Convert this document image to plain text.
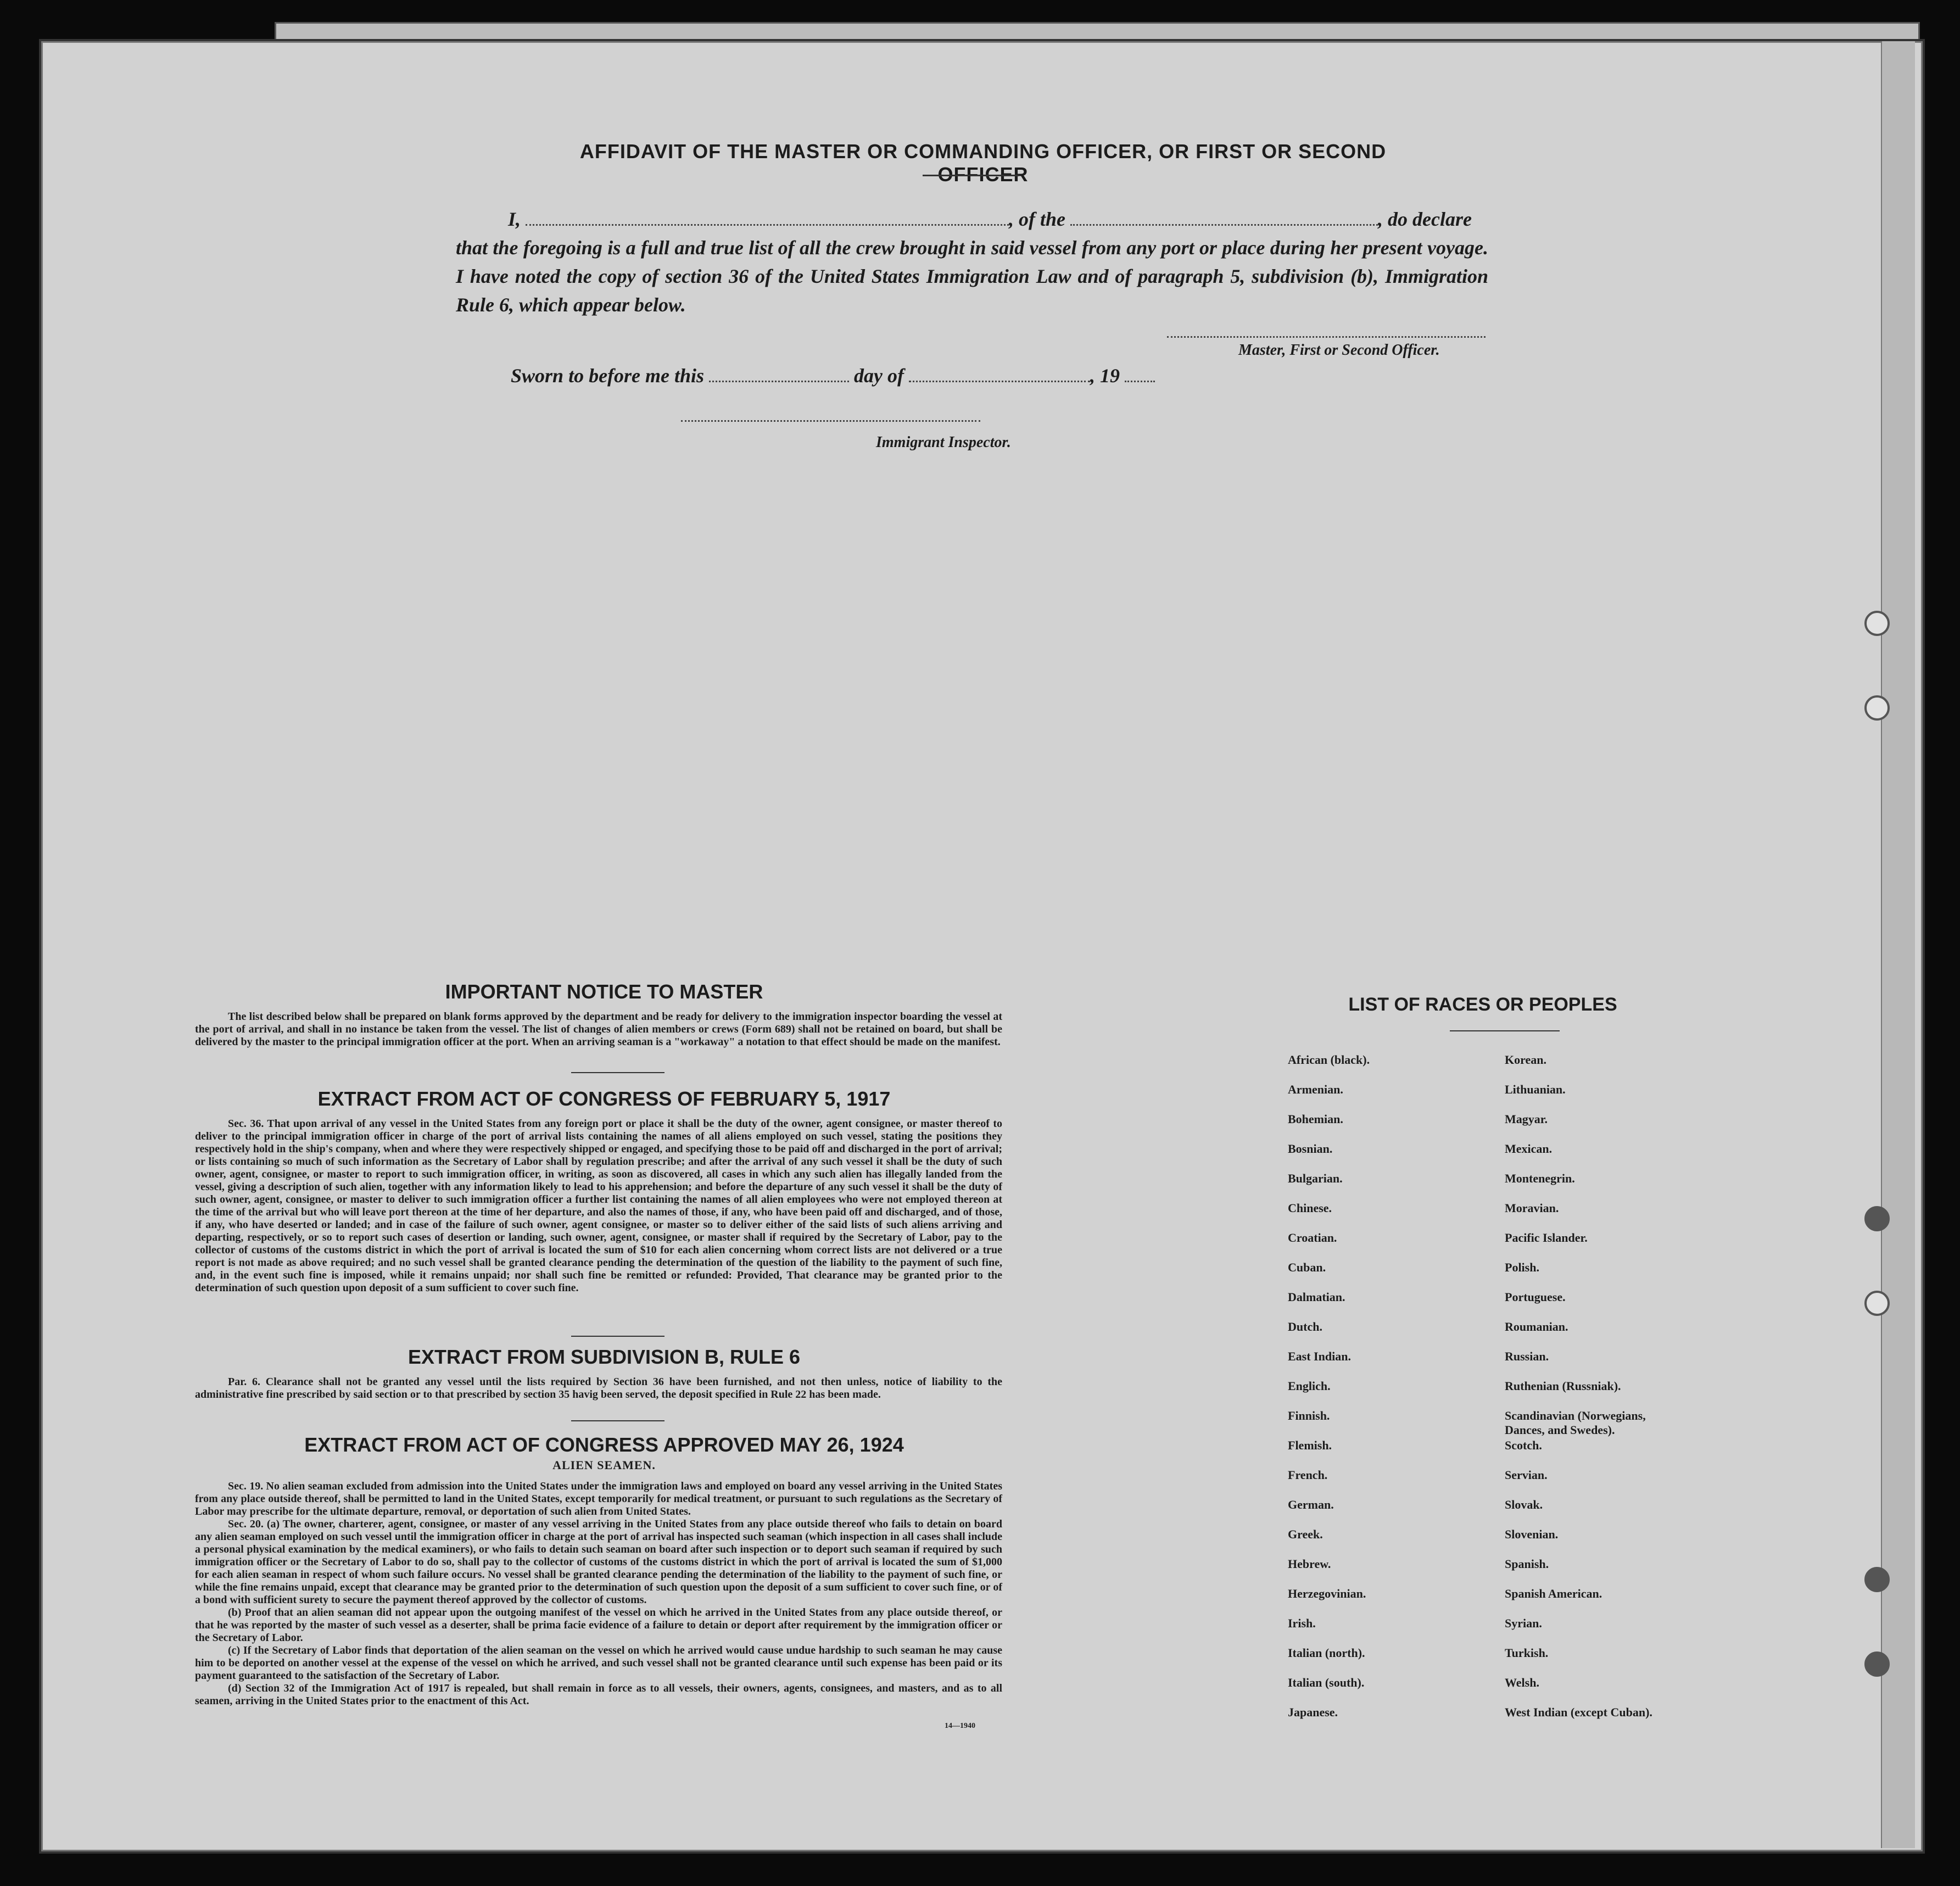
AFFIDAVIT OF THE MASTER OR COMMANDING OFFICER, OR FIRST OR SECOND OFFICER
I,	, of the	, do declare
that the foregoing is a full and true list of all the crew brought in said vessel from any port or place during her present voyage. I have noted the copy of section 36 of the United States Immigration Law and of paragraph 5, subdivision (b), Immigration Rule 6, which appear below.
Master, First or Second Officer.
Sworn to before me this	day of	, 19
Immigrant Inspector.
IMPORTANT NOTICE TO MASTER

The list described below shall be prepared on blank forms approved by the department and be ready for delivery to the immigration inspector boarding the vessel at the port of arrival, and shall in no instance be taken from the vessel. The list of changes of alien members or crews (Form 689) shall not be retained on board, but shall be delivered by the master to the principal immigration officer at the port. When an arriving seaman is a "workaway" a notation to that effect should be made on the manifest.

EXTRACT FROM ACT OF CONGRESS OF FEBRUARY 5, 1917

Sec. 36. That upon arrival of any vessel in the United States from any foreign port or place it shall be the duty of the owner, agent consignee, or master thereof to deliver to the principal immigration officer in charge of the port of arrival lists containing the names of all aliens employed on such vessel, stating the positions they respectively hold in the ship's company, when and where they were respectively shipped or engaged, and specifying those to be paid off and discharged in the port of arrival; or lists containing so much of such information as the Secretary of Labor shall by regulation prescribe; and after the arrival of any such vessel it shall be the duty of such owner, agent, consignee, or master to report to such immigration officer, in writing, as soon as discovered, all cases in which any such alien has illegally landed from the vessel, giving a description of such alien, together with any information likely to lead to his apprehension; and before the departure of any such vessel it shall be the duty of such owner, agent, consignee, or master to deliver to such immigration officer a further list containing the names of all alien employees who were not employed thereon at the time of the arrival but who will leave port thereon at the time of her departure, and also the names of those, if any, who have been paid off and discharged, and of those, if any, who have deserted or landed; and in case of the failure of such owner, agent consignee, or master so to deliver either of the said lists of such aliens arriving and departing, respectively, or so to report such cases of desertion or landing, such owner, agent, consignee, or master shall if required by the Secretary of Labor, pay to the collector of customs of the customs district in which the port of arrival is located the sum of $10 for each alien concerning whom correct lists are not delivered or a true report is not made as above required; and no such vessel shall be granted clearance pending the determination of the question of the liability to the payment of such fine, and, in the event such fine is imposed, while it remains unpaid; nor shall such fine be remitted or refunded: Provided, That clearance may be granted prior to the determination of such question upon deposit of a sum sufficient to cover such fine.

EXTRACT FROM SUBDIVISION B, RULE 6

Par. 6. Clearance shall not be granted any vessel until the lists required by Section 36 have been furnished, and not then unless, notice of liability to the administrative fine prescribed by said section or to that prescribed by section 35 havig been served, the deposit specified in Rule 22 has been made.

EXTRACT FROM ACT OF CONGRESS APPROVED MAY 26, 1924
ALIEN SEAMEN.

Sec. 19. No alien seaman excluded from admission into the United States under the immigration laws and employed on board any vessel arriving in the United States from any place outside thereof, shall be permitted to land in the United States, except temporarily for medical treatment, or pursuant to such regulations as the Secretary of Labor may prescribe for the ultimate departure, removal, or deportation of such alien from United States.

Sec. 20. (a) The owner, charterer, agent, consignee, or master of any vessel arriving in the United States from any place outside thereof who fails to detain on board any alien seaman employed on such vessel until the immigration officer in charge at the port of arrival has inspected such seaman (which inspection in all cases shall include a personal physical examination by the medical examiners), or who fails to detain such seaman on board after such inspection or to deport such seaman if required by such immigration officer or the Secretary of Labor to do so, shall pay to the collector of customs of the customs district in which the port of arrival is located the sum of $1,000 for each alien seaman in respect of whom such failure occurs. No vessel shall be granted clearance pending the determination of the liability to the payment of such fine, or while the fine remains unpaid, except that clearance may be granted prior to the determination of such question upon the deposit of a sum sufficient to cover such fine, or of a bond with sufficient surety to secure the payment thereof approved by the collector of customs.

(b) Proof that an alien seaman did not appear upon the outgoing manifest of the vessel on which he arrived in the United States from any place outside thereof, or that he was reported by the master of such vessel as a deserter, shall be prima facie evidence of a failure to detain or deport after requirement by the immigration officer or the Secretary of Labor.

(c) If the Secretary of Labor finds that deportation of the alien seaman on the vessel on which he arrived would cause undue hardship to such seaman he may cause him to be deported on another vessel at the expense of the vessel on which he arrived, and such vessel shall not be granted clearance until such expense has been paid or its payment guaranteed to the satisfaction of the Secretary of Labor.

(d) Section 32 of the Immigration Act of 1917 is repealed, but shall remain in force as to all vessels, their owners, agents, consignees, and masters, and as to all seamen, arriving in the United States prior to the enactment of this Act.

14—1940
LIST OF RACES OR PEOPLES
African (black).
Armenian.
Bohemian.
Bosnian.
Bulgarian.
Chinese.
Croatian.
Cuban.
Dalmatian.
Dutch.
East Indian.
Englich.
Finnish.
Flemish.
French.
German.
Greek.
Hebrew.
Herzegovinian.
Irish.
Italian (north).
Italian (south).
Japanese.
Korean.
Lithuanian.
Magyar.
Mexican.
Montenegrin.
Moravian.
Pacific Islander.
Polish.
Portuguese.
Roumanian.
Russian.
Ruthenian (Russniak).
Scandinavian (Norwegians, Dances, and Swedes).
Scotch.
Servian.
Slovak.
Slovenian.
Spanish.
Spanish American.
Syrian.
Turkish.
Welsh.
West Indian (except Cuban).
